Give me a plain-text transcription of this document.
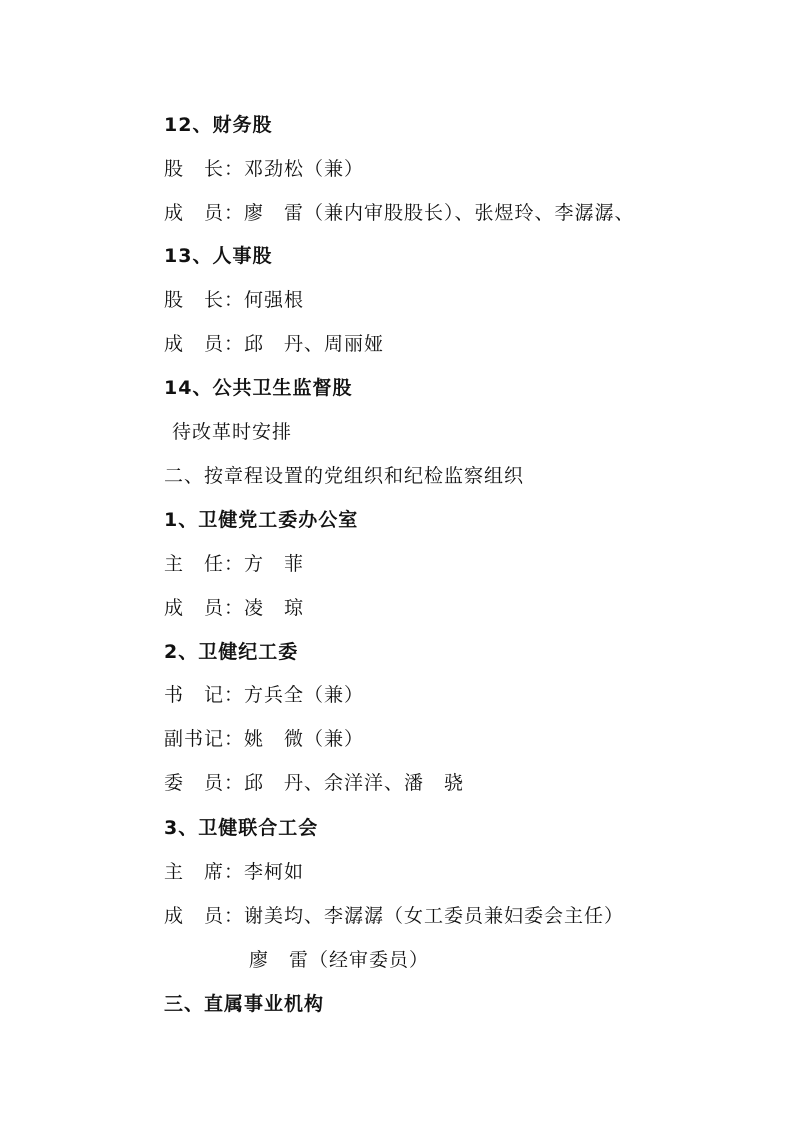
12、财务股
股　长：邓劲松（兼）
成　员：廖　雷（兼内审股股长）、张煜玲、李潺潺、
13、人事股
股　长：何强根
成　员：邱　丹、周丽娅
14、公共卫生监督股
待改革时安排
二、按章程设置的党组织和纪检监察组织
1、卫健党工委办公室
主　任：方　菲
成　员：凌　琼
2、卫健纪工委
书　记：方兵全（兼）
副书记：姚　微（兼）
委　员：邱　丹、余洋洋、潘　骁
3、卫健联合工会
主　席：李柯如
成　员：谢美均、李潺潺（女工委员兼妇委会主任）
廖　雷（经审委员）
三、直属事业机构
